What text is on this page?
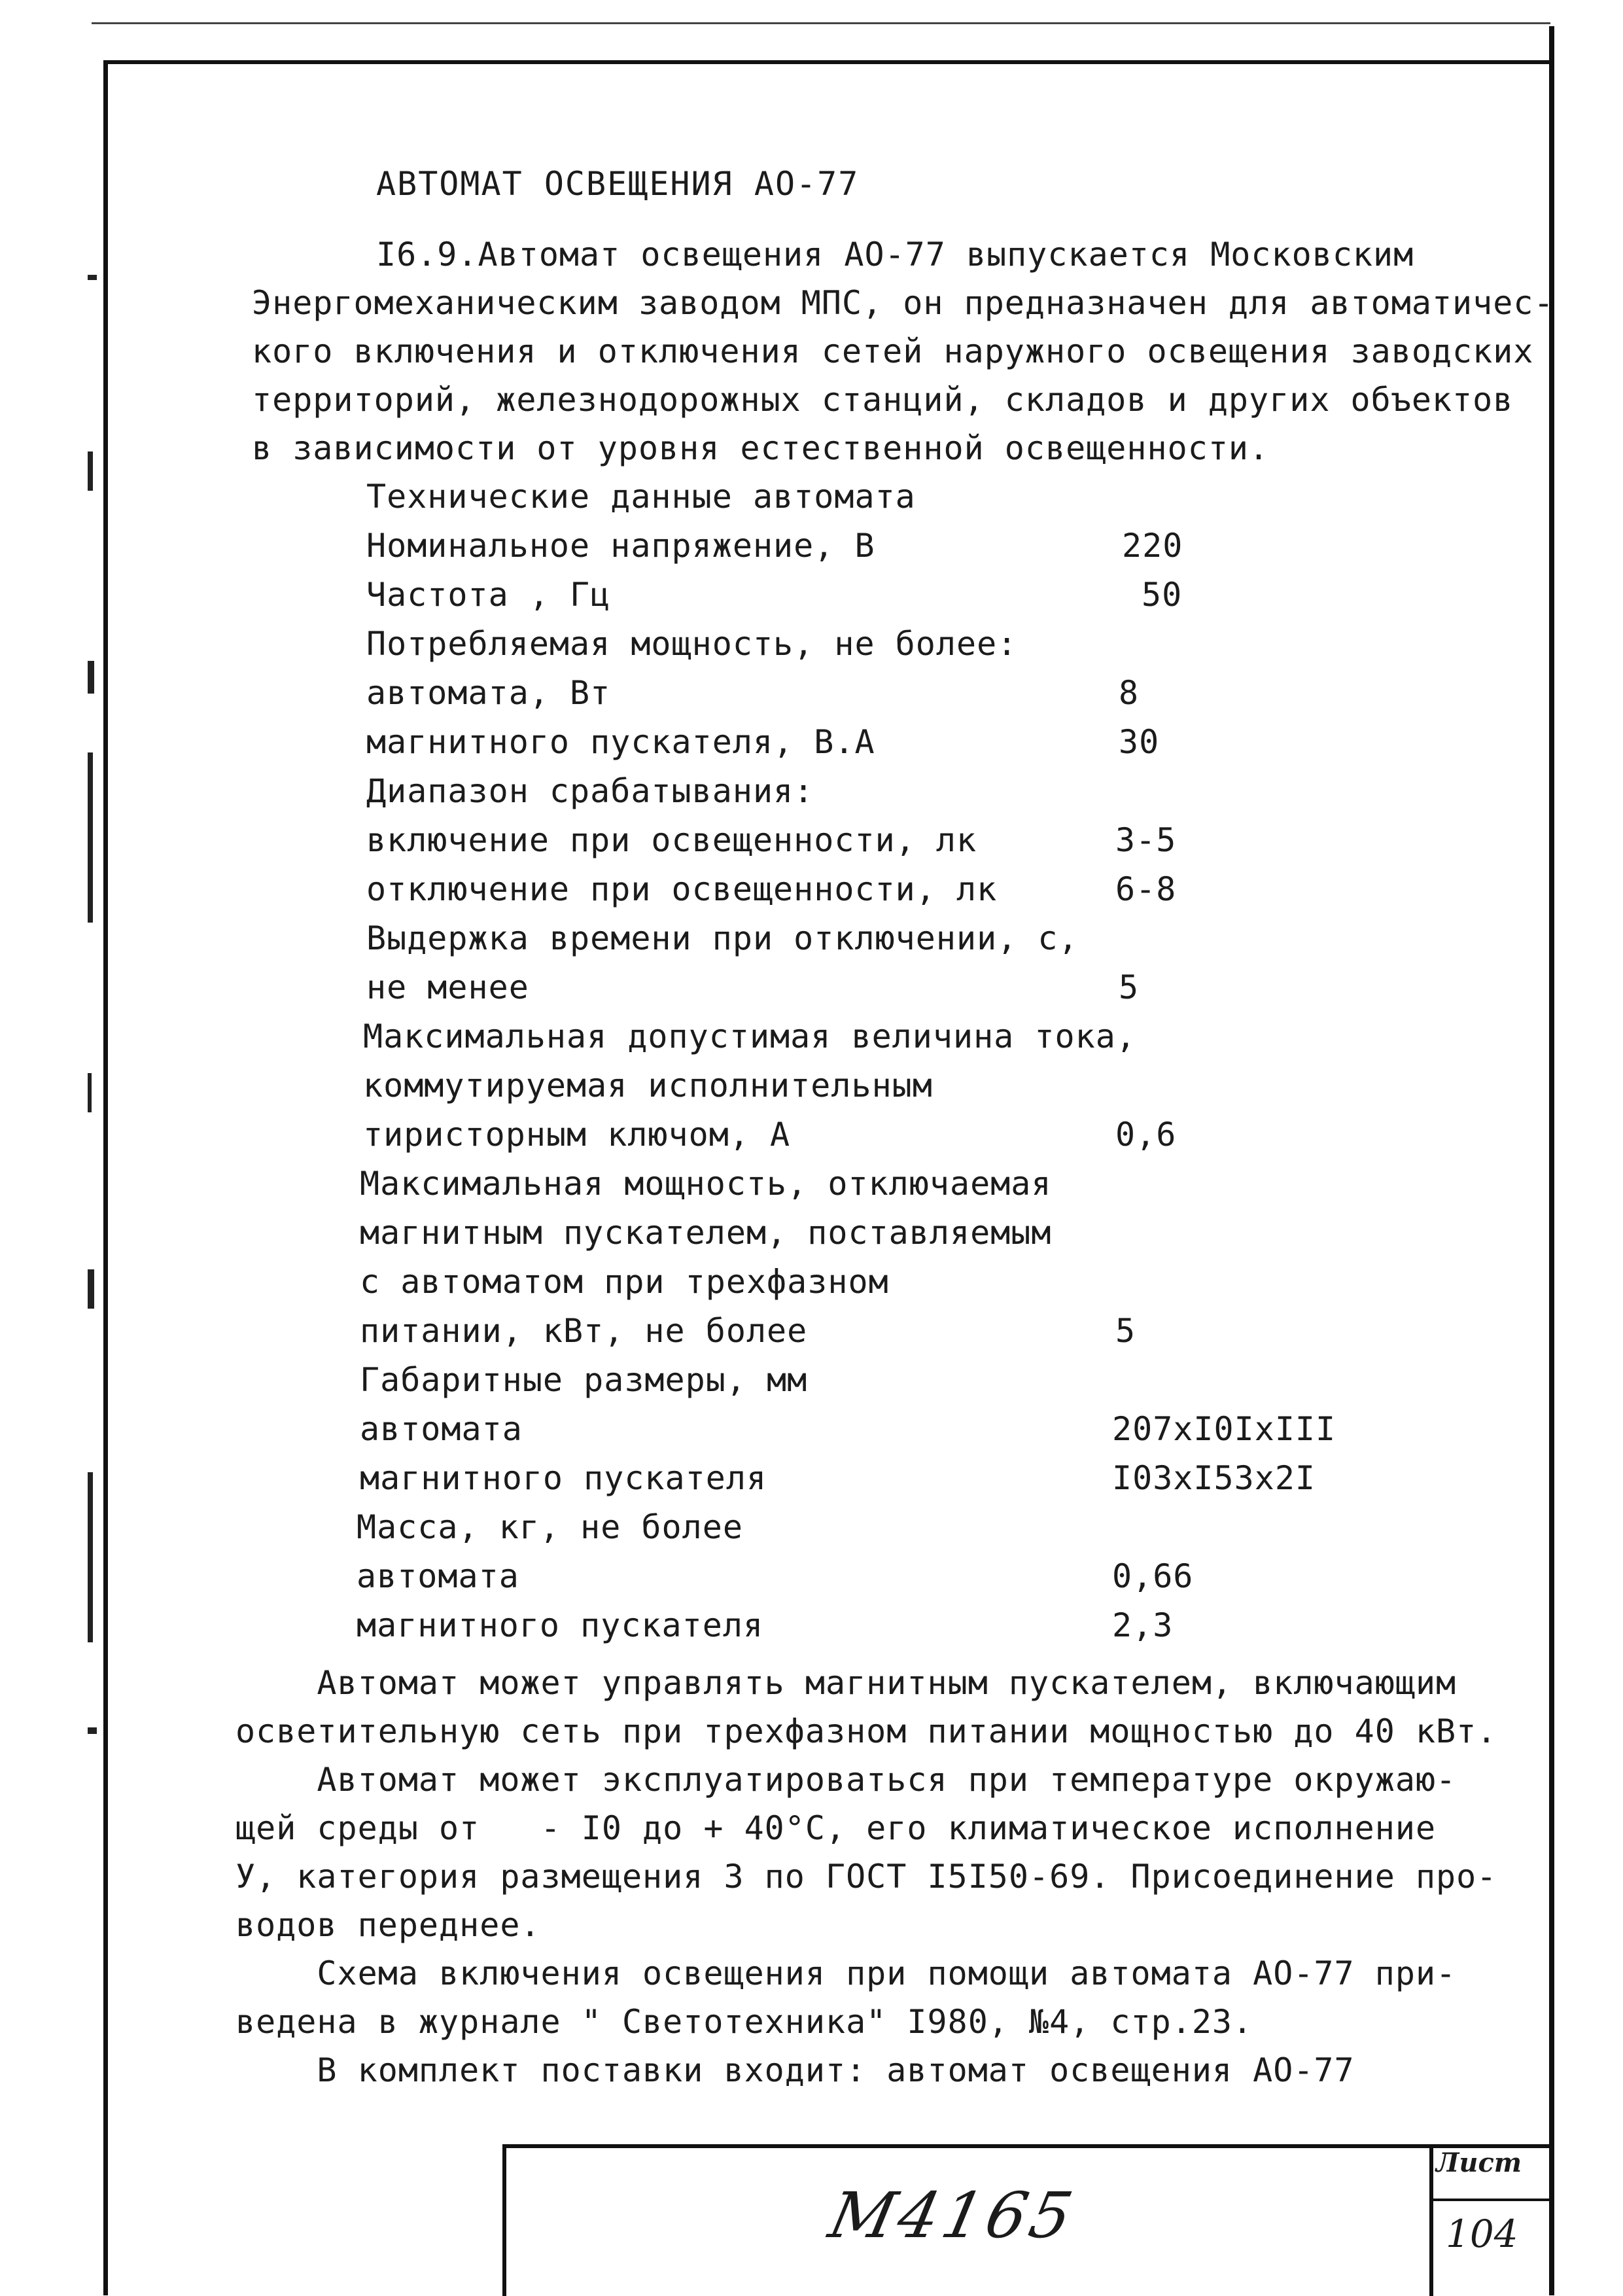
АВТОМАТ ОСВЕЩЕНИЯ АО-77
I6.9.Автомат освещения АО-77 выпускается Московским
Энергомеханическим заводом МПС, он предназначен для автоматичес-
кого включения и отключения сетей наружного освещения заводских
территорий, железнодорожных станций, складов и других объектов
в зависимости от уровня естественной освещенности.
Технические данные автомата
Номинальное напряжение, В	220
Частота , Гц	50
Потребляемая мощность, не более:
автомата, Вт	8
магнитного пускателя, В.А	30
Диапазон срабатывания:
включение при освещенности, лк	3-5
отключение при освещенности, лк	6-8
Выдержка времени при отключении, с,
не менее	5
Максимальная допустимая величина тока,
коммутируемая исполнительным
тиристорным ключом, А	0,6
Максимальная мощность, отключаемая
магнитным пускателем, поставляемым
с автоматом при трехфазном
питании, кВт, не более	5
Габаритные размеры, мм
автомата	207xI0IxIII
магнитного пускателя	I03xI53x2I
Масса, кг, не более
автомата	0,66
магнитного пускателя	2,3
Автомат может управлять магнитным пускателем, включающим
осветительную сеть при трехфазном питании мощностью до 40 кВт.
Автомат может эксплуатироваться при температуре окружаю-
щей среды от   - I0 до + 40°С, его климатическое исполнение
У, категория размещения 3 по ГОСТ I5I50-69. Присоединение про-
водов переднее.
Схема включения освещения при помощи автомата АО-77 при-
ведена в журнале " Светотехника" I980, №4, стр.23.
В комплект поставки входит: автомат освещения АО-77
М4165
Лист
104
